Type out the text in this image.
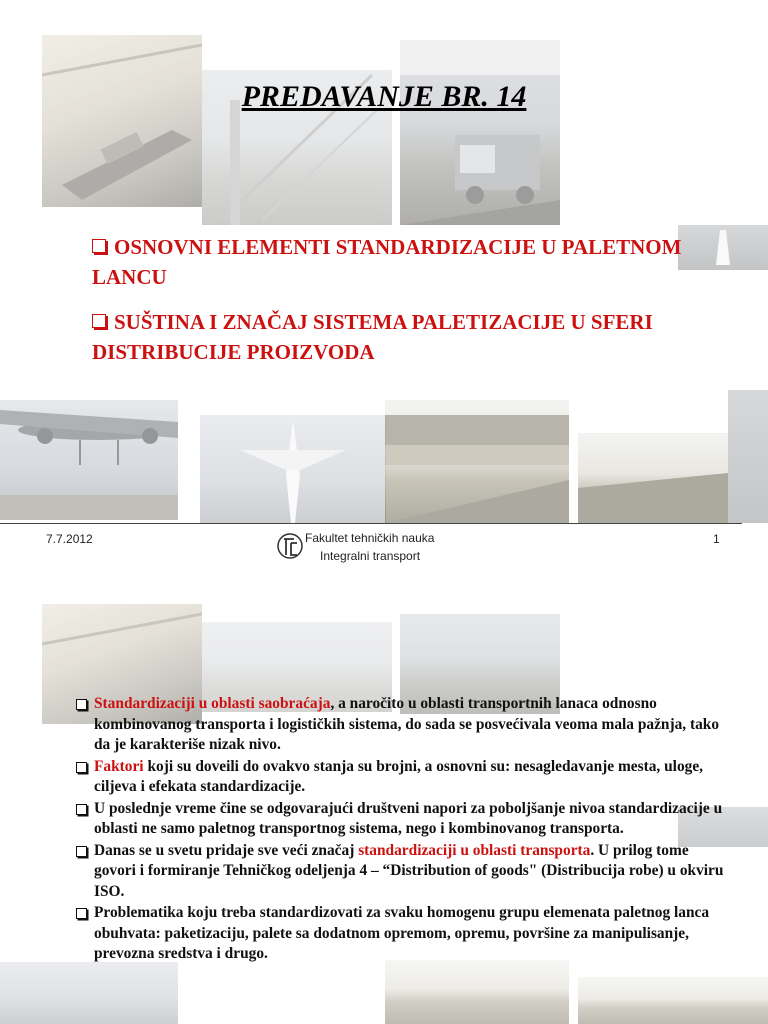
PREDAVANJE BR. 14

OSNOVNI ELEMENTI STANDARDIZACIJE U PALETNOM LANCU

SUŠTINA I ZNAČAJ SISTEMA PALETIZACIJE U SFERI DISTRIBUCIJE PROIZVODA

7.7.2012	Fakultet tehničkih nauka
Integralni transport
1
Standardizaciji u oblasti saobraćaja, a naročito u oblasti transportnih lanaca odnosno kombinovanog transporta i logističkih sistema, do sada se posvećivala veoma mala pažnja, tako da je karakteriše nizak nivo.
Faktori koji su doveili do ovakvo stanja su brojni, a osnovni su: nesagledavanje mesta, uloge, ciljeva i efekata standardizacije.
U poslednje vreme čine se odgovarajući društveni napori za poboljšanje nivoa standardizacije u oblasti ne samo paletnog transportnog sistema, nego i kombinovanog transporta.
Danas se u svetu pridaje sve veći značaj standardizaciji u oblasti transporta. U prilog tome govori i formiranje Tehničkog odeljenja 4 – “Distribution of goods" (Distribucija robe) u okviru ISO.
Problematika koju treba standardizovati za svaku homogenu grupu elemenata paletnog lanca obuhvata: paketizaciju, palete sa dodatnom opremom, opremu, površine za manipulisanje, prevozna sredstva i drugo.
